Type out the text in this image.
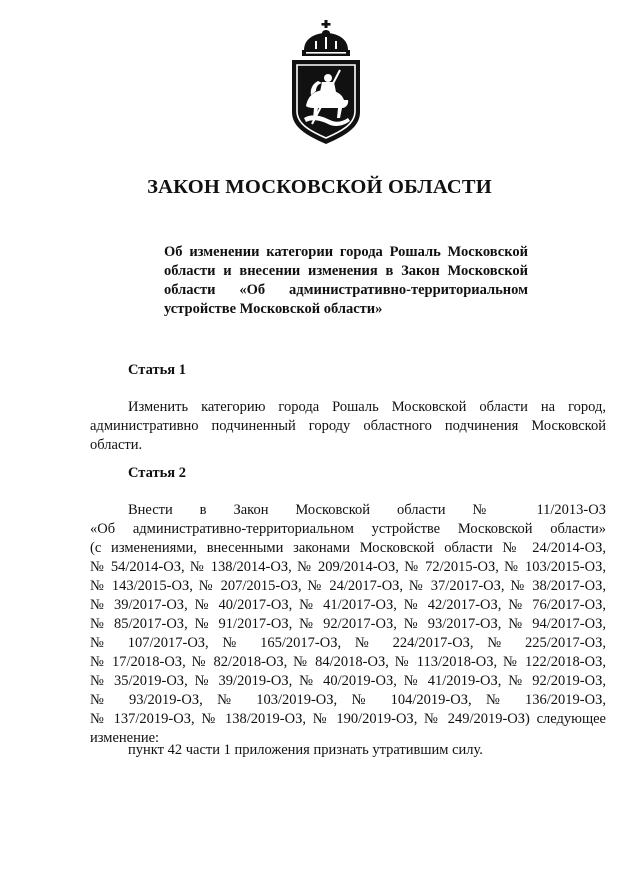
ЗАКОН МОСКОВСКОЙ ОБЛАСТИ
Об изменении категории города Рошаль Московской
области и внесении изменения в Закон Московской
области «Об административно-территориальном
устройстве Московской области»
Статья 1
Изменить категорию города Рошаль Московской области на город,
административно подчиненный городу областного подчинения Московской
области.
Статья 2
Внести в Закон Московской области № 11/2013-ОЗ
«Об административно-территориальном устройстве Московской области»
(с изменениями, внесенными законами Московской области № 24/2014-ОЗ,
№ 54/2014-ОЗ, № 138/2014-ОЗ, № 209/2014-ОЗ, № 72/2015-ОЗ, № 103/2015-ОЗ,
№ 143/2015-ОЗ, № 207/2015-ОЗ, № 24/2017-ОЗ, № 37/2017-ОЗ, № 38/2017-ОЗ,
№ 39/2017-ОЗ, № 40/2017-ОЗ, № 41/2017-ОЗ, № 42/2017-ОЗ, № 76/2017-ОЗ,
№ 85/2017-ОЗ, № 91/2017-ОЗ, № 92/2017-ОЗ, № 93/2017-ОЗ, № 94/2017-ОЗ,
№ 107/2017-ОЗ, № 165/2017-ОЗ, № 224/2017-ОЗ, № 225/2017-ОЗ,
№ 17/2018-ОЗ, № 82/2018-ОЗ, № 84/2018-ОЗ, № 113/2018-ОЗ, № 122/2018-ОЗ,
№ 35/2019-ОЗ, № 39/2019-ОЗ, № 40/2019-ОЗ, № 41/2019-ОЗ, № 92/2019-ОЗ,
№ 93/2019-ОЗ, № 103/2019-ОЗ, № 104/2019-ОЗ, № 136/2019-ОЗ,
№ 137/2019-ОЗ, № 138/2019-ОЗ, № 190/2019-ОЗ, № 249/2019-ОЗ) следующее
изменение:
пункт 42 части 1 приложения признать утратившим силу.
